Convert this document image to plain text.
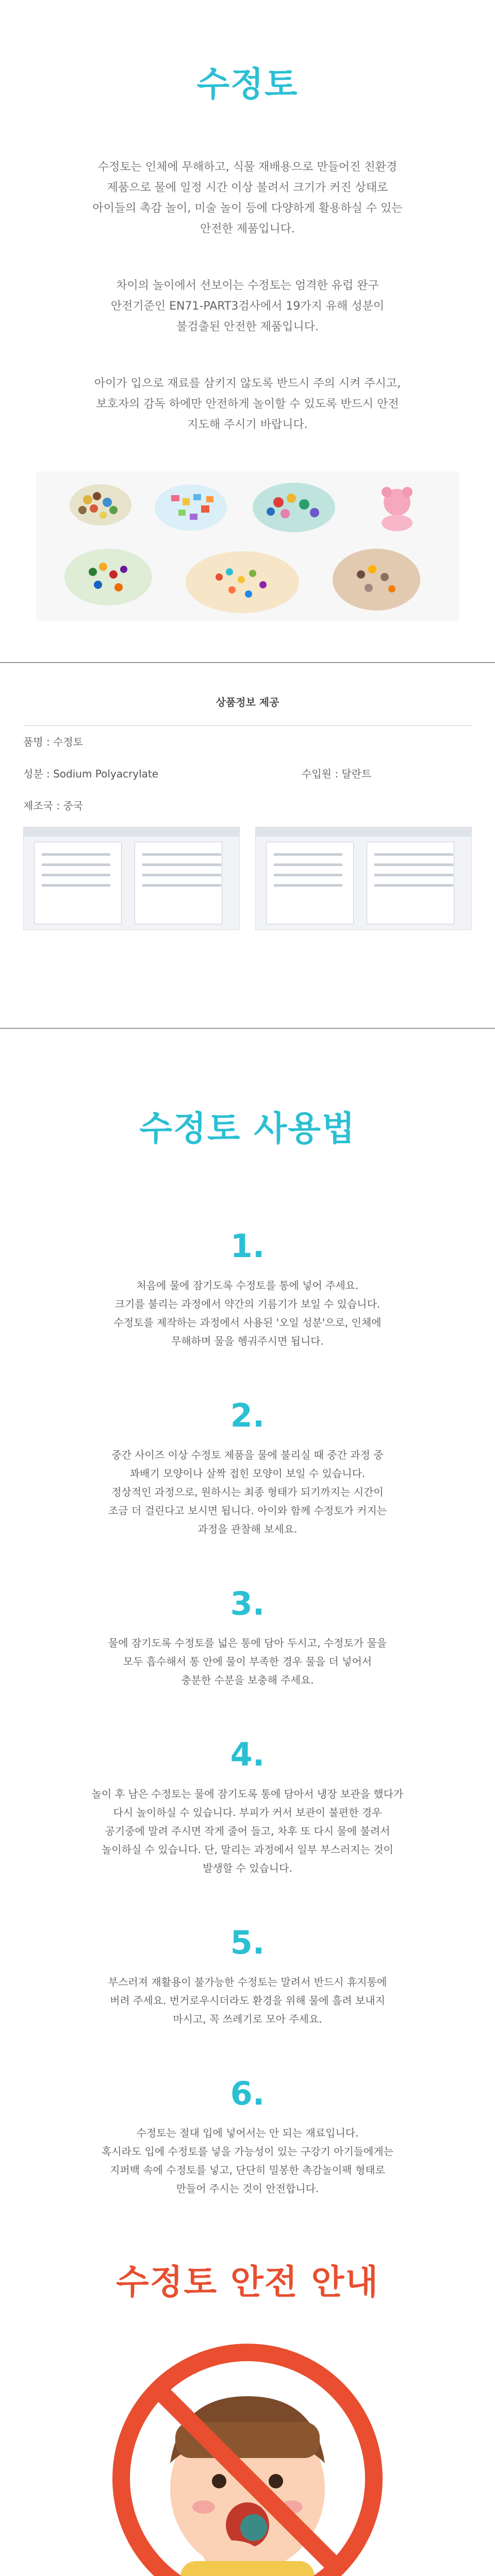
수정토

수정토는 인체에 무해하고, 식물 재배용으로 만들어진 친환경

제품으로 물에 일정 시간 이상 불려서 크기가 커진 상태로

아이들의 촉감 놀이, 미술 놀이 등에 다양하게 활용하실 수 있는

안전한 제품입니다.

차이의 놀이에서 선보이는 수정토는 엄격한 유럽 완구

안전기준인 EN71-PART3검사에서 19가지 유해 성분이

불검출된 안전한 제품입니다.

아이가 입으로 재료를 삼키지 않도록 반드시 주의 시켜 주시고,

보호자의 감독 하에만 안전하게 놀이할 수 있도록 반드시 안전

지도해 주시기 바랍니다.

상품정보 제공
품명 : 수정토
성분 : Sodium Polyacrylate	수입원 : 달란트
제조국 : 중국
수정토 사용법
1.

처음에 물에 잠기도록 수정토를 통에 넣어 주세요.

크기를 불리는 과정에서 약간의 기름기가 보일 수 있습니다.

수정토를 제작하는 과정에서 사용된 '오일 성분'으로, 인체에

무해하며 물을 헹궈주시면 됩니다.

2.

중간 사이즈 이상 수정토 제품을 물에 불리실 때 중간 과정 중

꽈배기 모양이나 살짝 접힌 모양이 보일 수 있습니다.

정상적인 과정으로, 원하시는 최종 형태가 되기까지는 시간이

조금 더 걸린다고 보시면 됩니다. 아이와 함께 수정토가 커지는

과정을 관찰해 보세요.

3.

물에 잠기도록 수정토를 넓은 통에 담아 두시고, 수정토가 물을

모두 흡수해서 통 안에 물이 부족한 경우 물을 더 넣어서

충분한 수분을 보충해 주세요.

4.

놀이 후 남은 수정토는 물에 잠기도록 통에 담아서 냉장 보관을 했다가

다시 놀이하실 수 있습니다. 부피가 커서 보관이 불편한 경우

공기중에 말려 주시면 작게 줄어 들고, 차후 또 다시 물에 불려서

놀이하실 수 있습니다. 단, 말리는 과정에서 일부 부스러지는 것이

발생할 수 있습니다.

5.

부스러져 재활용이 불가능한 수정토는 말려서 반드시 휴지통에

버려 주세요. 번거로우시더라도 환경을 위해 물에 흘려 보내지

마시고, 꼭 쓰레기로 모아 주세요.

6.

수정토는 절대 입에 넣어서는 안 되는 재료입니다.

혹시라도 입에 수정토를 넣을 가능성이 있는 구강기 아기들에게는

지퍼백 속에 수정토를 넣고, 단단히 밀봉한 촉감놀이팩 형태로

만들어 주시는 것이 안전합니다.

수정토 안전 안내
